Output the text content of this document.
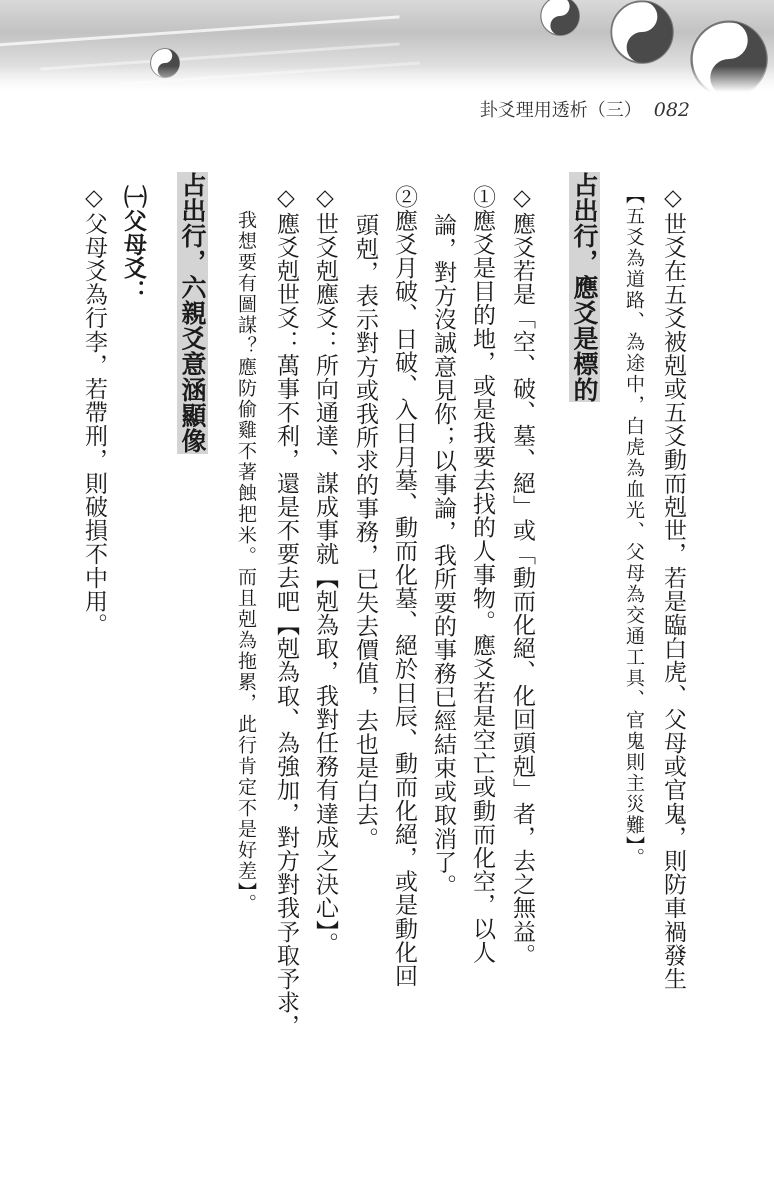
卦爻理用透析（三） 082
◇世爻在五爻被剋或五爻動而剋世，若是臨白虎、父母或官鬼，則防車禍發生
【五爻為道路、為途中，白虎為血光、父母為交通工具、官鬼則主災難】。
占出行，應爻是標的
◇應爻若是「空、破、墓、絕」或「動而化絕、化回頭剋」者，去之無益。
①應爻是目的地，或是我要去找的人事物。應爻若是空亡或動而化空，以人
論，對方沒誠意見你；以事論，我所要的事務已經結束或取消了。
②應爻月破、日破、入日月墓、動而化墓、絕於日辰、動而化絕，或是動化回
頭剋，表示對方或我所求的事務，已失去價值，去也是白去。
◇世爻剋應爻：所向通達、謀成事就【剋為取，我對任務有達成之決心】。
◇應爻剋世爻：萬事不利，還是不要去吧【剋為取、為強加，對方對我予取予求，
我想要有圖謀？應防偷雞不著蝕把米。而且剋為拖累，此行肯定不是好差】。
占出行，六親爻意涵顯像
㈠父母爻：
◇父母爻為行李，若帶刑，則破損不中用。
